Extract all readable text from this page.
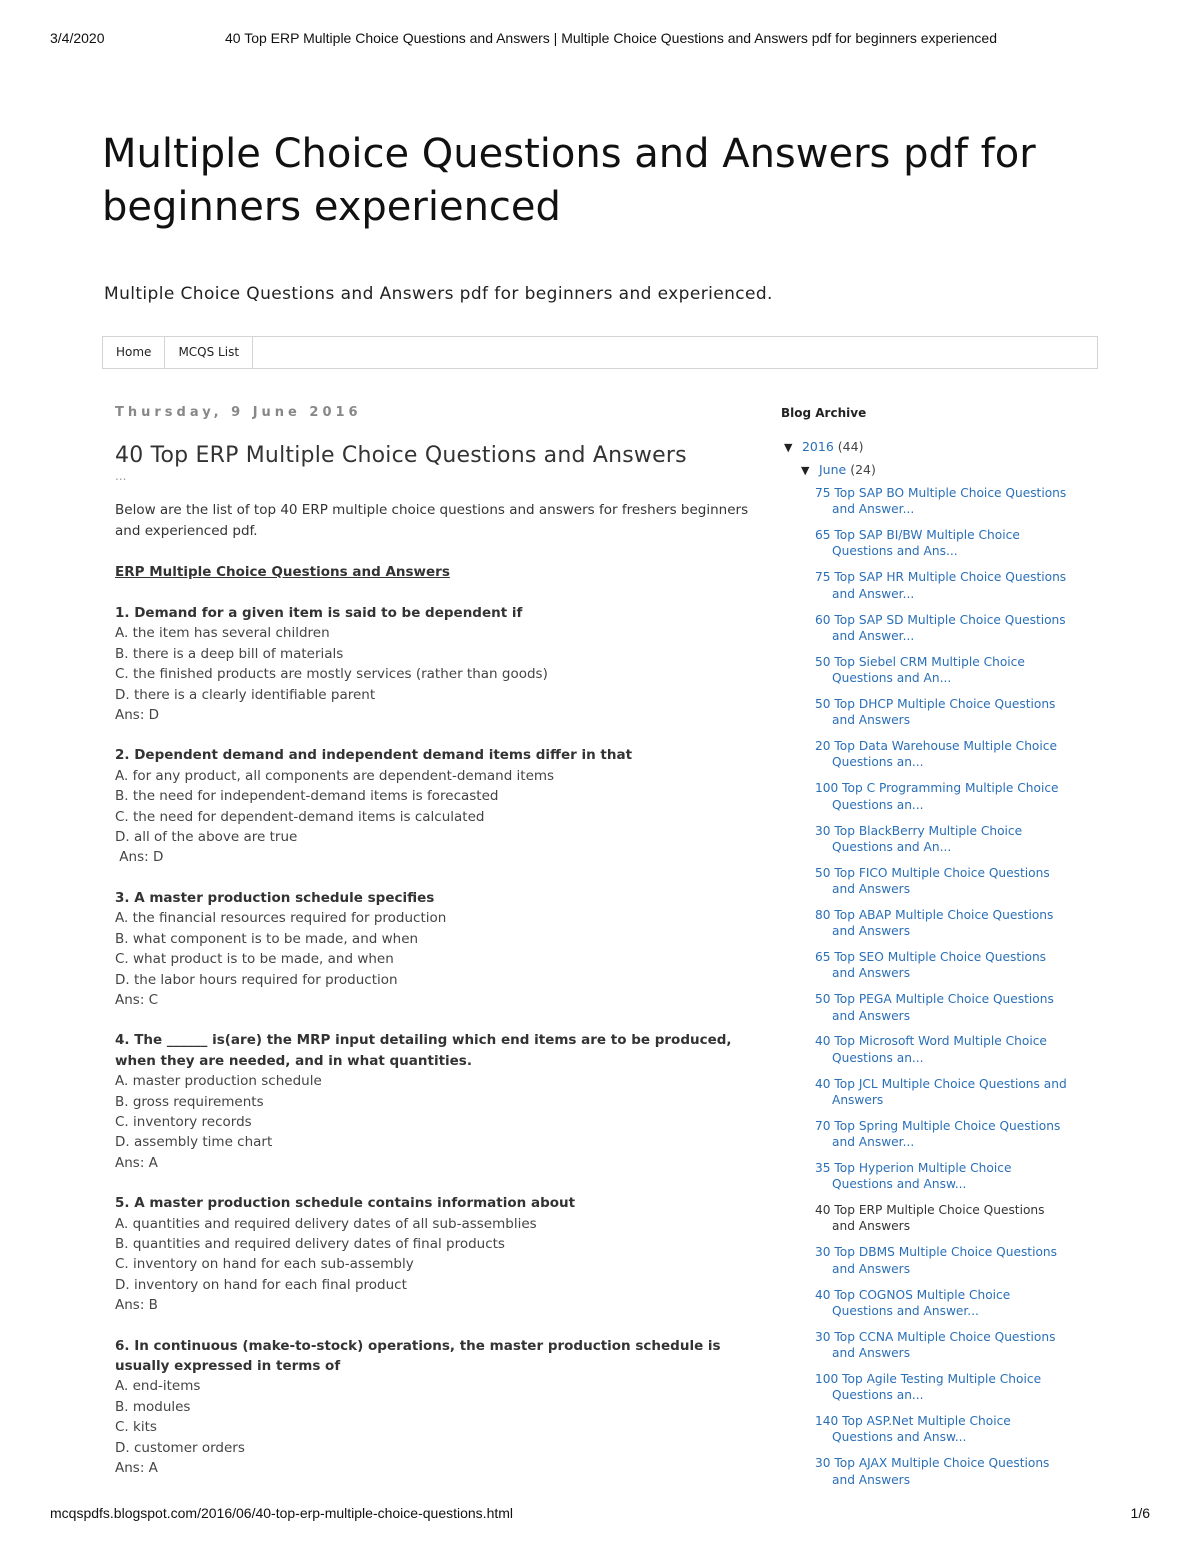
3/4/2020	40 Top ERP Multiple Choice Questions and Answers | Multiple Choice Questions and Answers pdf for beginners experienced
Multiple Choice Questions and Answers pdf for beginners experienced
Multiple Choice Questions and Answers pdf for beginners and experienced.
Home	MCQS List
Thursday, 9 June 2016
40 Top ERP Multiple Choice Questions and Answers
...
Below are the list of top 40 ERP multiple choice questions and answers for freshers beginners and experienced pdf.
ERP Multiple Choice Questions and Answers
1. Demand for a given item is said to be dependent if
A. the item has several children
B. there is a deep bill of materials
C. the finished products are mostly services (rather than goods)
D. there is a clearly identifiable parent
Ans: D
2. Dependent demand and independent demand items differ in that
A. for any product, all components are dependent-demand items
B. the need for independent-demand items is forecasted
C. the need for dependent-demand items is calculated
D. all of the above are true
Ans: D
3. A master production schedule specifies
A. the financial resources required for production
B. what component is to be made, and when
C. what product is to be made, and when
D. the labor hours required for production
Ans: C
4. The ______ is(are) the MRP input detailing which end items are to be produced, when they are needed, and in what quantities.
A. master production schedule
B. gross requirements
C. inventory records
D. assembly time chart
Ans: A
5. A master production schedule contains information about
A. quantities and required delivery dates of all sub-assemblies
B. quantities and required delivery dates of final products
C. inventory on hand for each sub-assembly
D. inventory on hand for each final product
Ans: B
6. In continuous (make-to-stock) operations, the master production schedule is usually expressed in terms of
A. end-items
B. modules
C. kits
D. customer orders
Ans: A
Blog Archive
▼ 2016 (44)
▼ June (24)
75 Top SAP BO Multiple Choice Questions and Answer...
65 Top SAP BI/BW Multiple Choice Questions and Ans...
75 Top SAP HR Multiple Choice Questions and Answer...
60 Top SAP SD Multiple Choice Questions and Answer...
50 Top Siebel CRM Multiple Choice Questions and An...
50 Top DHCP Multiple Choice Questions and Answers
20 Top Data Warehouse Multiple Choice Questions an...
100 Top C Programming Multiple Choice Questions an...
30 Top BlackBerry Multiple Choice Questions and An...
50 Top FICO Multiple Choice Questions and Answers
80 Top ABAP Multiple Choice Questions and Answers
65 Top SEO Multiple Choice Questions and Answers
50 Top PEGA Multiple Choice Questions and Answers
40 Top Microsoft Word Multiple Choice Questions an...
40 Top JCL Multiple Choice Questions and Answers
70 Top Spring Multiple Choice Questions and Answer...
35 Top Hyperion Multiple Choice Questions and Answ...
40 Top ERP Multiple Choice Questions and Answers
30 Top DBMS Multiple Choice Questions and Answers
40 Top COGNOS Multiple Choice Questions and Answer...
30 Top CCNA Multiple Choice Questions and Answers
100 Top Agile Testing Multiple Choice Questions an...
140 Top ASP.Net Multiple Choice Questions and Answ...
30 Top AJAX Multiple Choice Questions and Answers
mcqspdfs.blogspot.com/2016/06/40-top-erp-multiple-choice-questions.html	1/6
